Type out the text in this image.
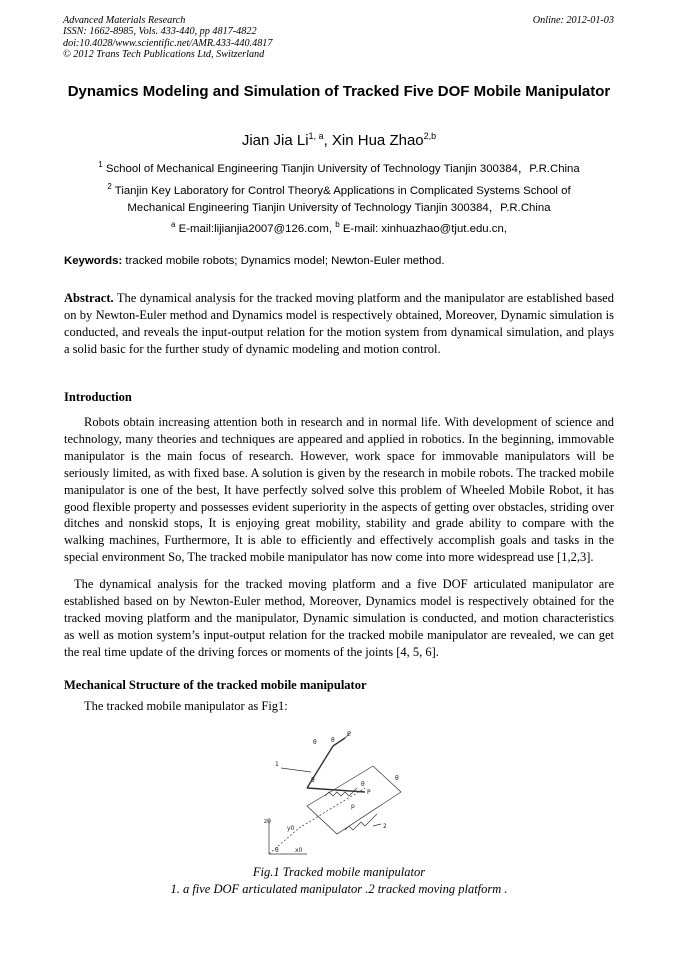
Advanced Materials Research
ISSN: 1662-8985, Vols. 433-440, pp 4817-4822
doi:10.4028/www.scientific.net/AMR.433-440.4817
© 2012 Trans Tech Publications Ltd, Switzerland
Online: 2012-01-03
Dynamics Modeling and Simulation of Tracked Five DOF Mobile Manipulator
Jian Jia Li$^{1, a}$, Xin Hua Zhao$^{2,b}$
$^1$ School of Mechanical Engineering Tianjin University of Technology Tianjin 300384，P.R.China
$^2$ Tianjin Key Laboratory for Control Theory& Applications in Complicated Systems School of Mechanical Engineering Tianjin University of Technology Tianjin 300384，P.R.China
$^a$ E-mail:lijianjia2007@126.com, $^b$ E-mail: xinhuazhao@tjut.edu.cn,
Keywords: tracked mobile robots; Dynamics model; Newton-Euler method.
Abstract. The dynamical analysis for the tracked moving platform and the manipulator are established based on by Newton-Euler method and Dynamics model is respectively obtained, Moreover, Dynamic simulation is conducted, and reveals the input-output relation for the motion system from dynamical simulation, and plays a solid basic for the further study of dynamic modeling and motion control.
Introduction
Robots obtain increasing attention both in research and in normal life. With development of science and technology, many theories and techniques are appeared and applied in robotics. In the beginning, immovable manipulator is the main focus of research. However, work space for immovable manipulators will be seriously limited, as with fixed base. A solution is given by the research in mobile robots. The tracked mobile manipulator is one of the best, It have perfectly solved solve this problem of Wheeled Mobile Robot, it has good flexible property and possesses evident superiority in the aspects of getting over obstacles, striding over ditches and nonskid stops, It is enjoying great mobility, stability and grade ability to compare with the walking machines, Furthermore, It is able to efficiently and effectively accomplish goals and tasks in the special environment So, The tracked mobile manipulator has now come into more widespread use [1,2,3].
The dynamical analysis for the tracked moving platform and a five DOF articulated manipulator are established based on by Newton-Euler method, Moreover, Dynamics model is respectively obtained for the tracked moving platform and the manipulator, Dynamic simulation is conducted, and motion characteristics as well as motion system’s input-output relation for the tracked mobile manipulator are revealed, we can get the real time update of the driving forces or moments of the joints [4, 5, 6].
Mechanical Structure of the tracked mobile manipulator
The tracked mobile manipulator as Fig1:
1
2
E
P
p
θ θ
θ
θ
θ
θ
z0
y0
x0
Fig.1 Tracked mobile manipulator
1. a five DOF articulated manipulator .2 tracked moving platform .
